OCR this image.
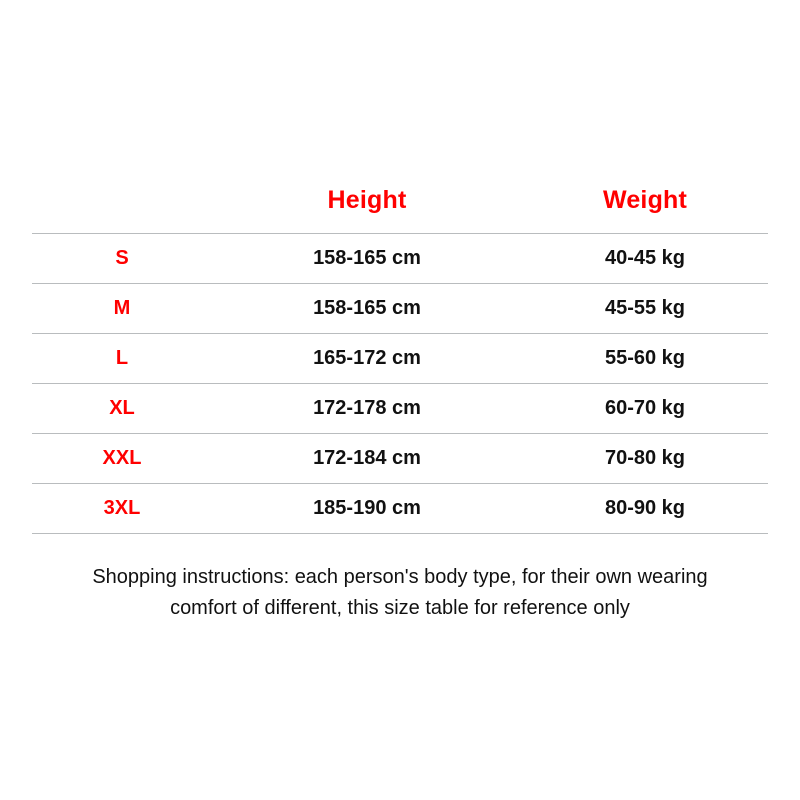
	Height	Weight
S	158-165 cm	40-45 kg
M	158-165 cm	45-55 kg
L	165-172 cm	55-60 kg
XL	172-178 cm	60-70 kg
XXL	172-184 cm	70-80 kg
3XL	185-190 cm	80-90 kg
Shopping instructions: each person's body type, for their own wearing
comfort of different, this size table for reference only
